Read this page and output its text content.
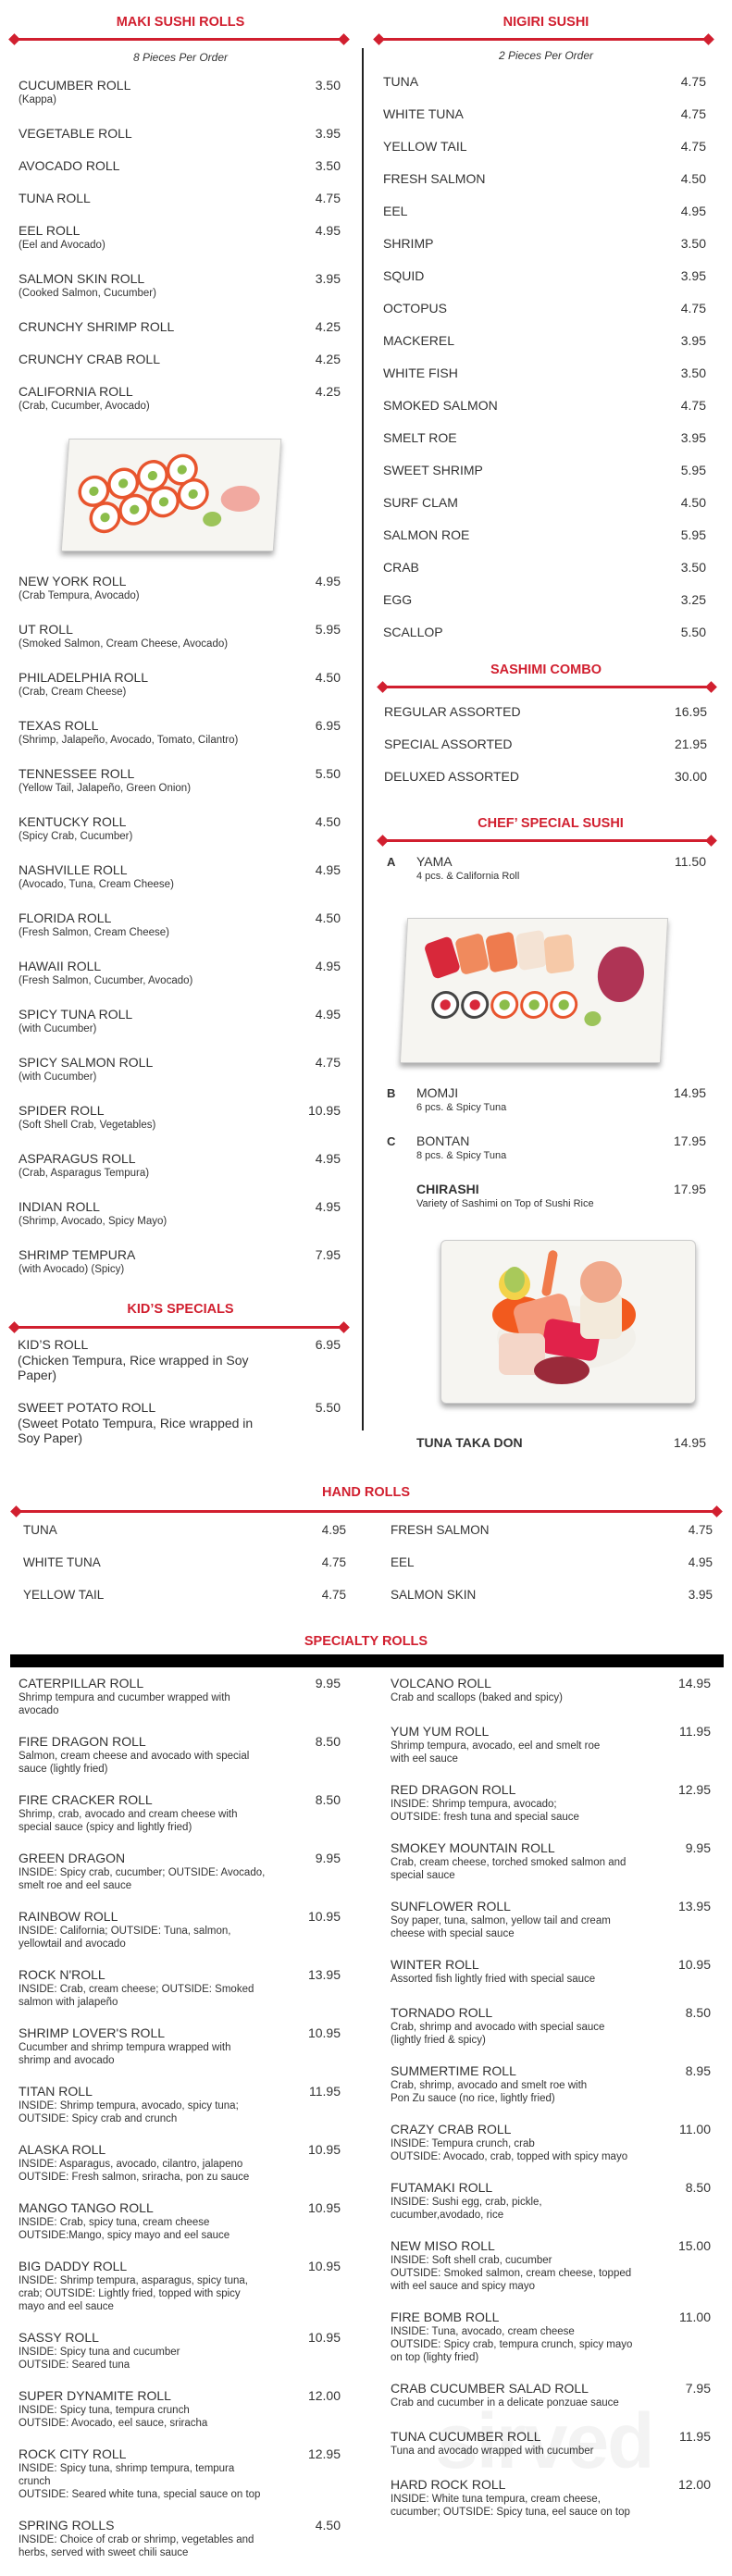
MAKI SUSHI ROLLS
8 Pieces Per Order
CUCUMBER ROLL	3.50
(Kappa)
VEGETABLE ROLL	3.95
AVOCADO ROLL	3.50
TUNA ROLL	4.75
EEL ROLL	4.95
(Eel and Avocado)
SALMON SKIN ROLL	3.95
(Cooked Salmon, Cucumber)
CRUNCHY SHRIMP ROLL	4.25
CRUNCHY CRAB ROLL	4.25
CALIFORNIA ROLL	4.25
(Crab, Cucumber, Avocado)
NEW YORK ROLL	4.95
(Crab Tempura, Avocado)
UT ROLL	5.95
(Smoked Salmon, Cream Cheese, Avocado)
PHILADELPHIA ROLL	4.50
(Crab, Cream Cheese)
TEXAS ROLL	6.95
(Shrimp, Jalapeño, Avocado, Tomato, Cilantro)
TENNESSEE ROLL	5.50
(Yellow Tail, Jalapeño, Green Onion)
KENTUCKY ROLL	4.50
(Spicy Crab, Cucumber)
NASHVILLE ROLL	4.95
(Avocado, Tuna, Cream Cheese)
FLORIDA ROLL	4.50
(Fresh Salmon, Cream Cheese)
HAWAII ROLL	4.95
(Fresh Salmon, Cucumber, Avocado)
SPICY TUNA ROLL	4.95
(with Cucumber)
SPICY SALMON ROLL	4.75
(with Cucumber)
SPIDER ROLL	10.95
(Soft Shell Crab, Vegetables)
ASPARAGUS ROLL	4.95
(Crab, Asparagus Tempura)
INDIAN ROLL	4.95
(Shrimp, Avocado, Spicy Mayo)
SHRIMP TEMPURA	7.95
(with Avocado) (Spicy)
KID’S SPECIALS
KID’S ROLL	6.95
(Chicken Tempura, Rice wrapped in Soy
Paper)
SWEET POTATO ROLL	5.50
(Sweet Potato Tempura, Rice wrapped in
Soy Paper)
NIGIRI SUSHI
2 Pieces Per Order
TUNA	4.75
WHITE TUNA	4.75
YELLOW TAIL	4.75
FRESH SALMON	4.50
EEL	4.95
SHRIMP	3.50
SQUID	3.95
OCTOPUS	4.75
MACKEREL	3.95
WHITE FISH	3.50
SMOKED SALMON	4.75
SMELT ROE	3.95
SWEET SHRIMP	5.95
SURF CLAM	4.50
SALMON ROE	5.95
CRAB	3.50
EGG	3.25
SCALLOP	5.50
SASHIMI COMBO
REGULAR ASSORTED	16.95
SPECIAL ASSORTED	21.95
DELUXED ASSORTED	30.00
CHEF’ SPECIAL SUSHI
A YAMA	11.50
4 pcs. & California Roll
B MOMJI	14.95
6 pcs. & Spicy Tuna
C BONTAN	17.95
8 pcs. & Spicy Tuna
CHIRASHI	17.95
Variety of Sashimi on Top of Sushi Rice
TUNA TAKA DON	14.95
HAND ROLLS
TUNA	4.95
WHITE TUNA	4.75
YELLOW TAIL	4.75
FRESH SALMON	4.75
EEL	4.95
SALMON SKIN	3.95
SPECIALTY ROLLS
CATERPILLAR ROLL	9.95
Shrimp tempura and cucumber wrapped with
avocado
FIRE DRAGON ROLL	8.50
Salmon, cream cheese and avocado with special
sauce (lightly fried)
FIRE CRACKER ROLL	8.50
Shrimp, crab, avocado and cream cheese with
special sauce (spicy and lightly fried)
GREEN DRAGON	9.95
INSIDE: Spicy crab, cucumber; OUTSIDE: Avocado,
smelt roe and eel sauce
RAINBOW ROLL	10.95
INSIDE: California; OUTSIDE: Tuna, salmon,
yellowtail and avocado
ROCK N'ROLL	13.95
INSIDE: Crab, cream cheese; OUTSIDE: Smoked
salmon with jalapeño
SHRIMP LOVER'S ROLL	10.95
Cucumber and shrimp tempura wrapped with
shrimp and avocado
TITAN ROLL	11.95
INSIDE: Shrimp tempura, avocado, spicy tuna;
OUTSIDE: Spicy crab and crunch
ALASKA ROLL	10.95
INSIDE: Asparagus, avocado, cilantro, jalapeno
OUTSIDE: Fresh salmon, sriracha, pon zu sauce
MANGO TANGO ROLL	10.95
INSIDE: Crab, spicy tuna, cream cheese
OUTSIDE:Mango, spicy mayo and eel sauce
BIG DADDY ROLL	10.95
INSIDE: Shrimp tempura, asparagus, spicy tuna,
crab; OUTSIDE: Lightly fried, topped with spicy
mayo and eel sauce
SASSY ROLL	10.95
INSIDE: Spicy tuna and cucumber
OUTSIDE: Seared tuna
SUPER DYNAMITE ROLL	12.00
INSIDE: Spicy tuna, tempura crunch
OUTSIDE: Avocado, eel sauce, sriracha
ROCK CITY ROLL	12.95
INSIDE: Spicy tuna, shrimp tempura, tempura
crunch
OUTSIDE: Seared white tuna, special sauce on top
SPRING ROLLS	4.50
INSIDE: Choice of crab or shrimp, vegetables and
herbs, served with sweet chili sauce
VOLCANO ROLL	14.95
Crab and scallops (baked and spicy)
YUM YUM ROLL	11.95
Shrimp tempura, avocado, eel and smelt roe
with eel sauce
RED DRAGON ROLL	12.95
INSIDE: Shrimp tempura, avocado;
OUTSIDE: fresh tuna and special sauce
SMOKEY MOUNTAIN ROLL	9.95
Crab, cream cheese, torched smoked salmon and
special sauce
SUNFLOWER ROLL	13.95
Soy paper, tuna, salmon, yellow tail and cream
cheese with special sauce
WINTER ROLL	10.95
Assorted fish lightly fried with special sauce
TORNADO ROLL	8.50
Crab, shrimp and avocado with special sauce
(lightly fried & spicy)
SUMMERTIME ROLL	8.95
Crab, shrimp, avocado and smelt roe with
Pon Zu sauce (no rice, lightly fried)
CRAZY CRAB ROLL	11.00
INSIDE: Tempura crunch, crab
OUTSIDE: Avocado, crab, topped with spicy mayo
FUTAMAKI ROLL	8.50
INSIDE: Sushi egg, crab, pickle,
cucumber,avodado, rice
NEW MISO ROLL	15.00
INSIDE: Soft shell crab, cucumber
OUTSIDE: Smoked salmon, cream cheese, topped
with eel sauce and spicy mayo
FIRE BOMB ROLL	11.00
INSIDE: Tuna, avocado, cream cheese
OUTSIDE: Spicy crab, tempura crunch, spicy mayo
on top (lighty fried)
CRAB CUCUMBER SALAD ROLL	7.95
Crab and cucumber in a delicate ponzuae sauce
TUNA CUCUMBER ROLL	11.95
Tuna and avocado wrapped with cucumber
HARD ROCK ROLL	12.00
INSIDE: White tuna tempura, cream cheese,
cucumber; OUTSIDE: Spicy tuna, eel sauce on top
